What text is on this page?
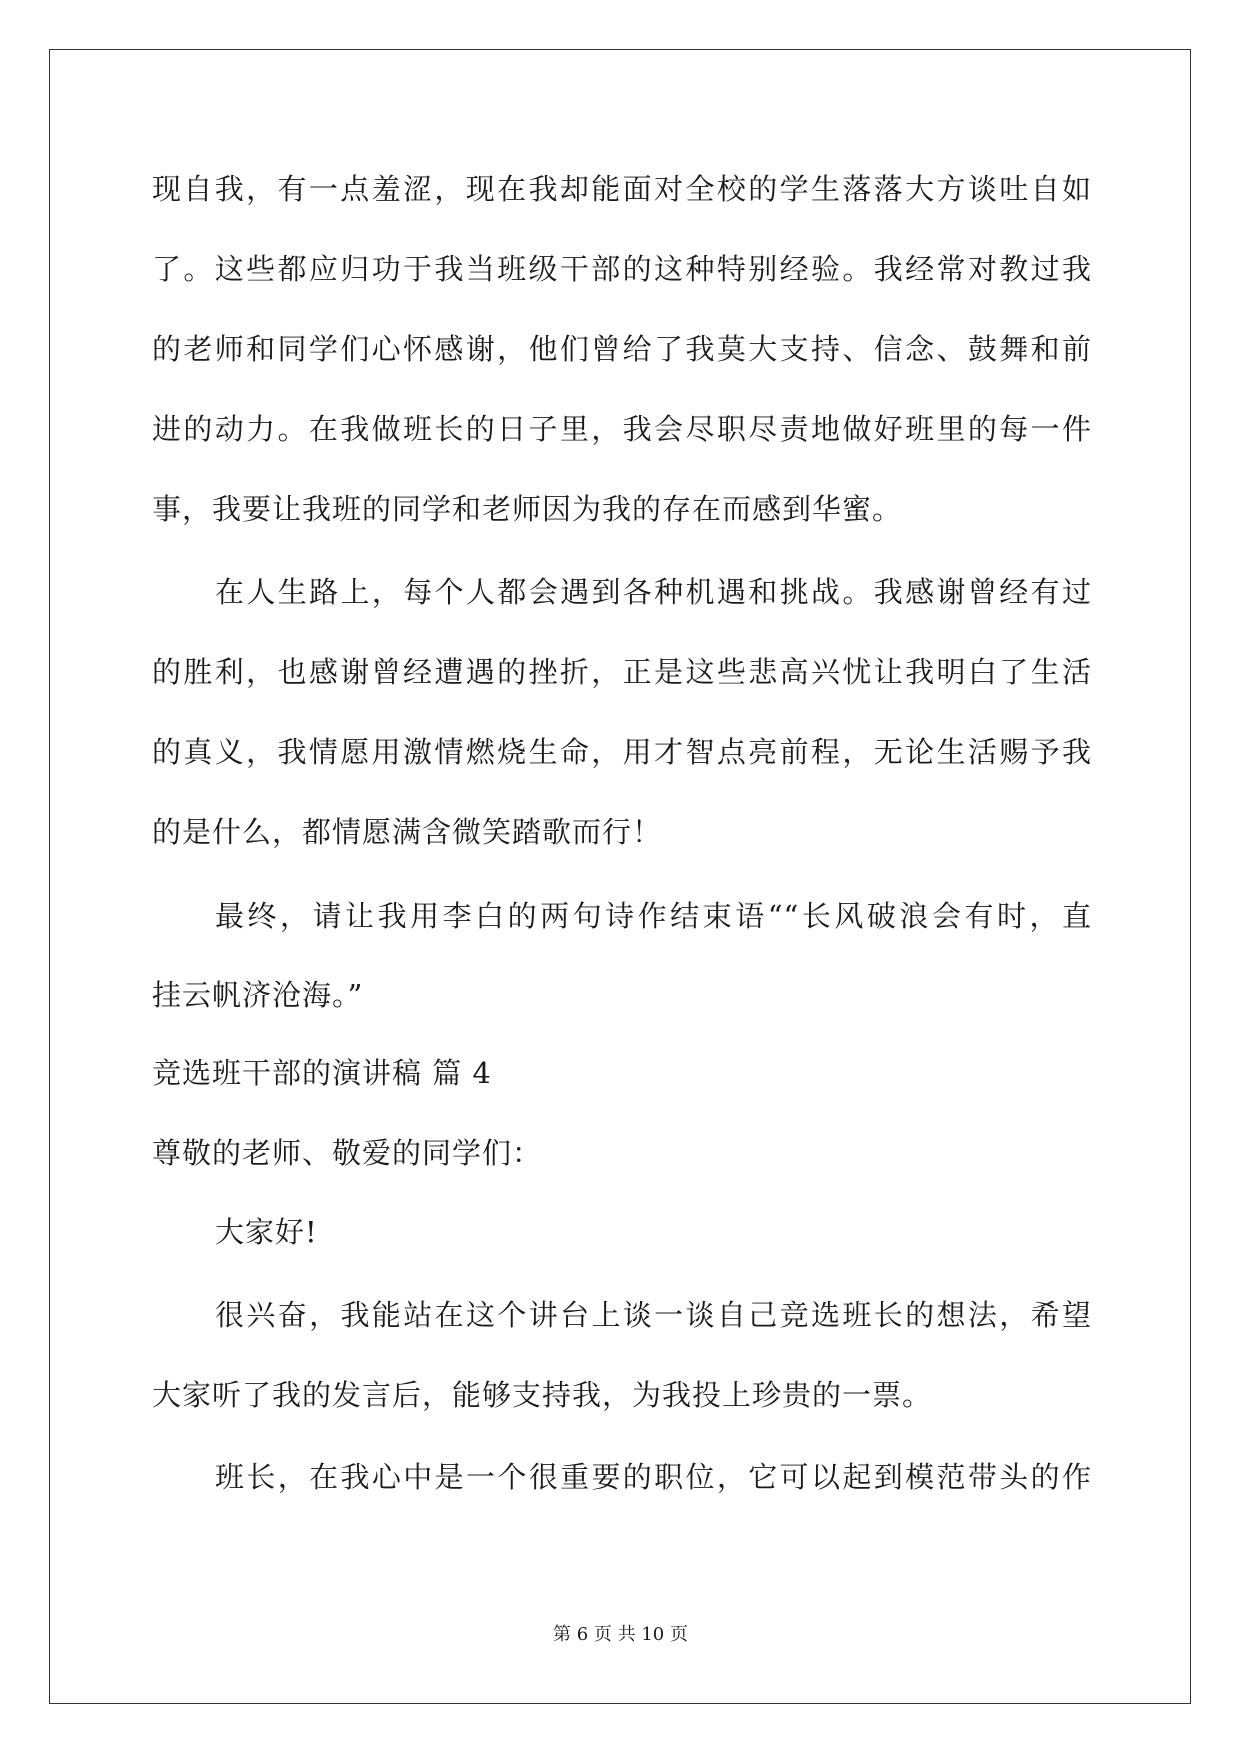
现自我，有一点羞涩，现在我却能面对全校的学生落落大方谈吐自如
了。这些都应归功于我当班级干部的这种特别经验。我经常对教过我
的老师和同学们心怀感谢，他们曾给了我莫大支持、信念、鼓舞和前
进的动力。在我做班长的日子里，我会尽职尽责地做好班里的每一件
事，我要让我班的同学和老师因为我的存在而感到华蜜。
在人生路上，每个人都会遇到各种机遇和挑战。我感谢曾经有过
的胜利，也感谢曾经遭遇的挫折，正是这些悲高兴忧让我明白了生活
的真义，我情愿用激情燃烧生命，用才智点亮前程，无论生活赐予我
的是什么，都情愿满含微笑踏歌而行！
最终，请让我用李白的两句诗作结束语““长风破浪会有时，直
挂云帆济沧海。”
竞选班干部的演讲稿 篇 4
尊敬的老师、敬爱的同学们：
大家好!
很兴奋，我能站在这个讲台上谈一谈自己竞选班长的想法，希望
大家听了我的发言后，能够支持我，为我投上珍贵的一票。
班长，在我心中是一个很重要的职位，它可以起到模范带头的作
第 6 页 共 10 页
